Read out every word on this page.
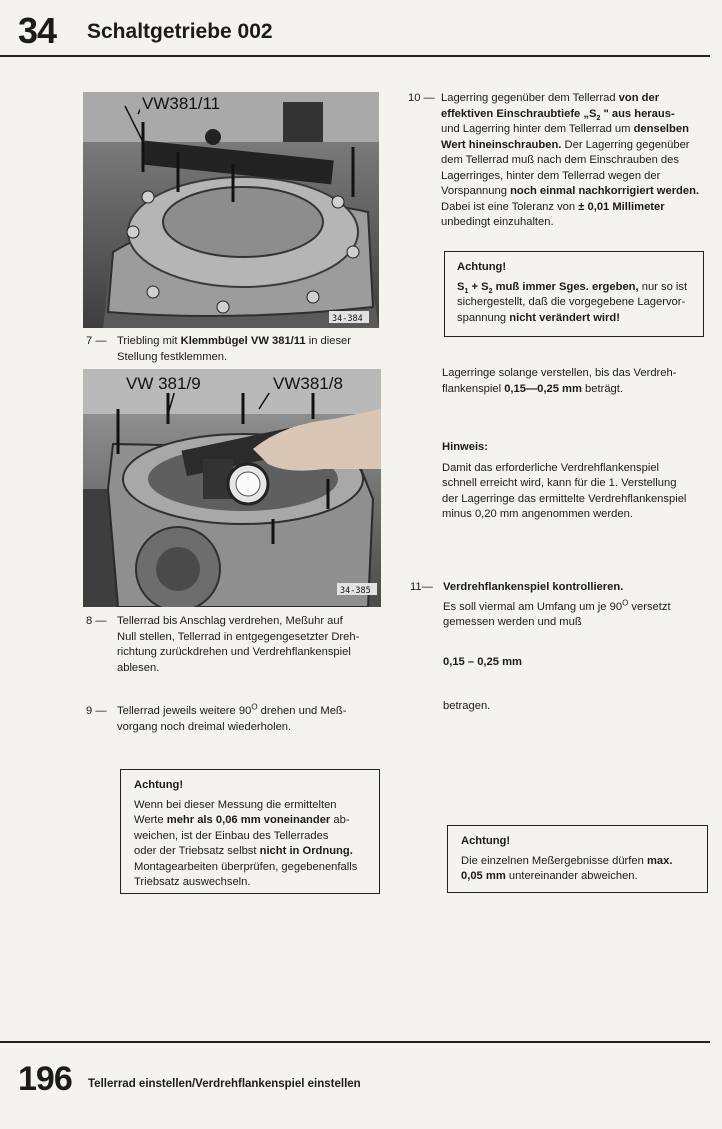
34 Schaltgetriebe 002
VW381/11
34-384
7 — Triebling mit Klemmbügel VW 381/11 in dieser
Stellung festklemmen.
VW 381/9	VW381/8
34-385
8 — Tellerrad bis Anschlag verdrehen, Meßuhr auf
Null stellen, Tellerrad in entgegengesetzter Dreh-
richtung zurückdrehen und Verdrehflankenspiel
ablesen.
9 — Tellerrad jeweils weitere $90^O$ drehen und Meß-
vorgang noch dreimal wiederholen.
Achtung!
Wenn bei dieser Messung die ermittelten
Werte mehr als 0,06 mm voneinander ab-
weichen, ist der Einbau des Tellerrades
oder der Triebsatz selbst nicht in Ordnung.
Montagearbeiten überprüfen, gegebenenfalls
Triebsatz auswechseln.
10 — Lagerring gegenüber dem Tellerrad von der
effektiven Einschraubtiefe $„S_2$ " aus heraus-
und Lagerring hinter dem Tellerrad um denselben
Wert hineinschrauben. Der Lagerring gegenüber
dem Tellerrad muß nach dem Einschrauben des
Lagerringes, hinter dem Tellerrad wegen der
Vorspannung noch einmal nachkorrigiert werden.
Dabei ist eine Toleranz von ± 0,01 Millimeter
unbedingt einzuhalten.
Achtung!
$S_1 + S_2$ muß immer Sges. ergeben, nur so ist
sichergestellt, daß die vorgegebene Lagervor-
spannung nicht verändert wird!
Lagerringe solange verstellen, bis das Verdreh-
flankenspiel 0,15—0,25 mm beträgt.
Hinweis:
Damit das erforderliche Verdrehflankenspiel
schnell erreicht wird, kann für die 1. Verstellung
der Lagerringe das ermittelte Verdrehflankenspiel
minus 0,20 mm angenommen werden.
11— Verdrehflankenspiel kontrollieren.
Es soll viermal am Umfang um je $90^O$ versetzt
gemessen werden und muß
0,15 – 0,25 mm
betragen.
Achtung!
Die einzelnen Meßergebnisse dürfen max.
0,05 mm untereinander abweichen.
196 Tellerrad einstellen/Verdrehflankenspiel einstellen
